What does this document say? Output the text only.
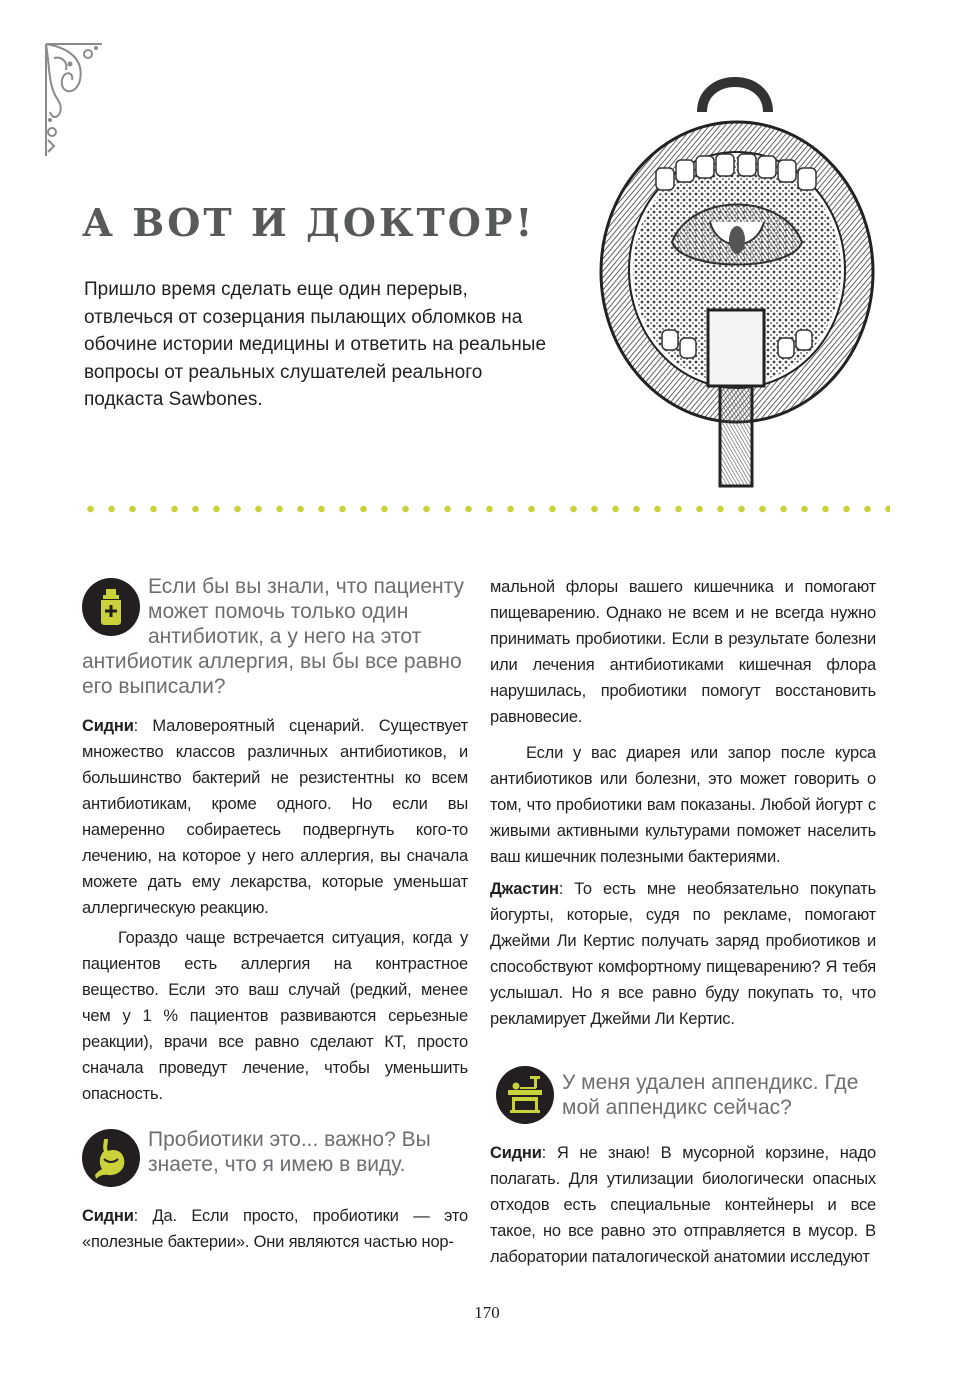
А ВОТ И ДОКТОР!

Пришло время сделать еще один перерыв, отвлечься от созерцания пылающих обломков на обочине истории медицины и ответить на реальные вопросы от реальных слушателей реального подкаста Sawbones.

Если бы вы знали, что пациенту может помочь только один антибиотик, а у него на этот антибиотик аллергия, вы бы все равно его выписали?

Сидни: Маловероятный сценарий. Существует множество классов различных антибиотиков, и большинство бактерий не резистентны ко всем антибиотикам, кроме одного. Но если вы намеренно собираетесь подвергнуть кого-то лечению, на которое у него аллергия, вы сначала можете дать ему лекарства, которые уменьшат аллергическую реакцию.

Гораздо чаще встречается ситуация, когда у пациентов есть аллергия на контрастное вещество. Если это ваш случай (редкий, менее чем у 1 % пациентов развиваются серьезные реакции), врачи все равно сделают КТ, просто сначала проведут лечение, чтобы уменьшить опасность.

Пробиотики это... важно? Вы знаете, что я имею в виду.

Сидни: Да. Если просто, пробиотики — это «полезные бактерии». Они являются частью нор-

мальной флоры вашего кишечника и помогают пищеварению. Однако не всем и не всегда нужно принимать пробиотики. Если в результате болезни или лечения антибиотиками кишечная флора нарушилась, пробиотики помогут восстановить равновесие.

Если у вас диарея или запор после курса антибиотиков или болезни, это может говорить о том, что пробиотики вам показаны. Любой йогурт с живыми активными культурами поможет населить ваш кишечник полезными бактериями.

Джастин: То есть мне необязательно покупать йогурты, которые, судя по рекламе, помогают Джейми Ли Кертис получать заряд пробиотиков и способствуют комфортному пищеварению? Я тебя услышал. Но я все равно буду покупать то, что рекламирует Джейми Ли Кертис.

У меня удален аппендикс. Где мой аппендикс сейчас?

Сидни: Я не знаю! В мусорной корзине, надо полагать. Для утилизации биологически опасных отходов есть специальные контейнеры и все такое, но все равно это отправляется в мусор. В лаборатории паталогической анатомии исследуют

170
